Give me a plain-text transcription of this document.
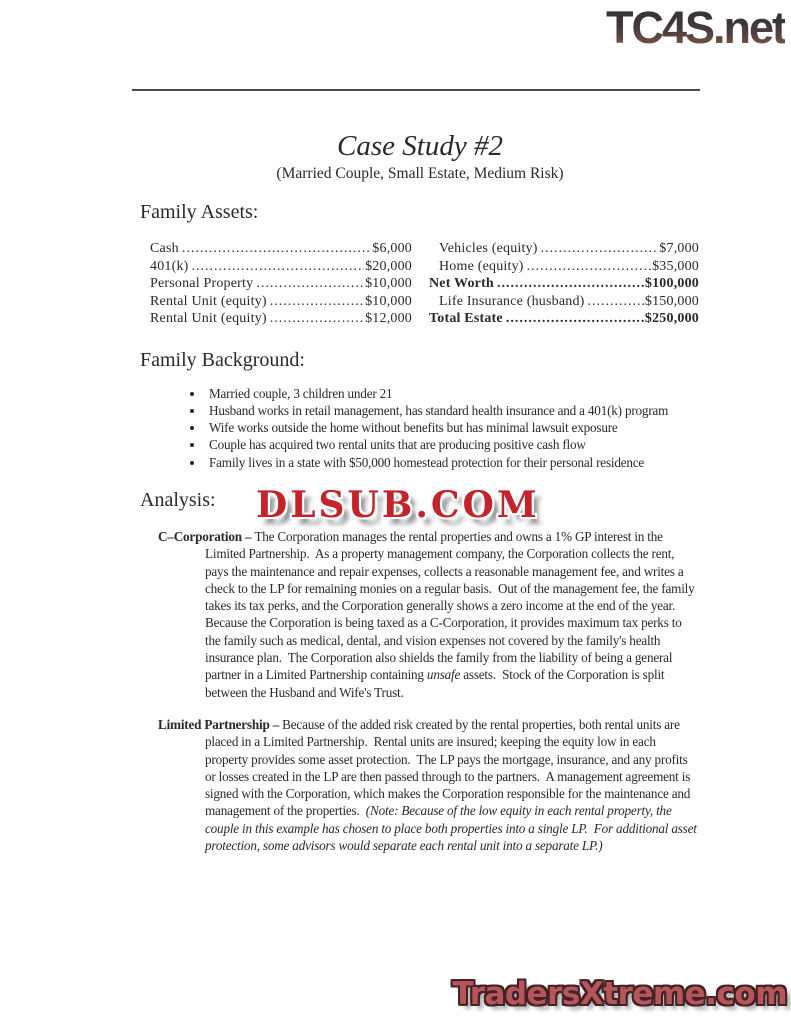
TC4S.net
Case Study #2
(Married Couple, Small Estate, Medium Risk)
Family Assets:
Cash .....	$6,000
401(k) .....	$20,000
Personal Property .....	$10,000
Rental Unit (equity) .....	$10,000
Rental Unit (equity) .....	$12,000
Vehicles (equity) .....	$7,000
Home (equity) .....	$35,000
Net Worth .....	$100,000
Life Insurance (husband) .....	$150,000
Total Estate .....	$250,000
Family Background:
• Married couple, 3 children under 21
• Husband works in retail management, has standard health insurance and a 401(k) program
• Wife works outside the home without benefits but has minimal lawsuit exposure
• Couple has acquired two rental units that are producing positive cash flow
• Family lives in a state with $50,000 homestead protection for their personal residence
Analysis:
C–Corporation – The Corporation manages the rental properties and owns a 1% GP interest in the Limited Partnership.  As a property management company, the Corporation collects the rent, pays the maintenance and repair expenses, collects a reasonable management fee, and writes a check to the LP for remaining monies on a regular basis.  Out of the management fee, the family takes its tax perks, and the Corporation generally shows a zero income at the end of the year.  Because the Corporation is being taxed as a C-Corporation, it provides maximum tax perks to the family such as medical, dental, and vision expenses not covered by the family's health insurance plan.  The Corporation also shields the family from the liability of being a general partner in a Limited Partnership containing unsafe assets.  Stock of the Corporation is split between the Husband and Wife's Trust.
Limited Partnership – Because of the added risk created by the rental properties, both rental units are placed in a Limited Partnership.  Rental units are insured; keeping the equity low in each property provides some asset protection.  The LP pays the mortgage, insurance, and any profits or losses created in the LP are then passed through to the partners.  A management agreement is signed with the Corporation, which makes the Corporation responsible for the maintenance and management of the properties.  (Note: Because of the low equity in each rental property, the couple in this example has chosen to place both properties into a single LP.  For additional asset protection, some advisors would separate each rental unit into a separate LP.)
DLSUB.COM
TradersXtreme.com
